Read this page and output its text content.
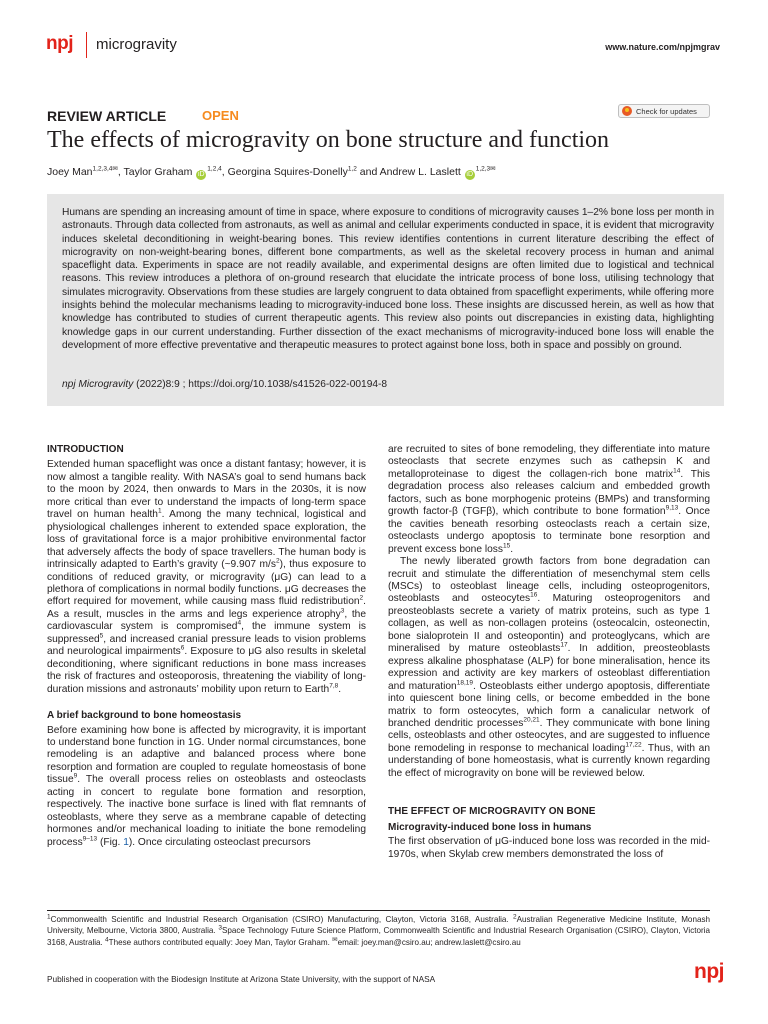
npj microgravity	www.nature.com/npjmgrav
REVIEW ARTICLE	OPEN	Check for updates
The effects of microgravity on bone structure and function
Joey Man$^{1,2,3,4✉}$, Taylor Graham iD$^{1,2,4}$, Georgina Squires-Donelly$^{1,2}$ and Andrew L. Laslett $iD^{1,2,3✉}$
Humans are spending an increasing amount of time in space, where exposure to conditions of microgravity causes 1–2% bone loss per month in astronauts. Through data collected from astronauts, as well as animal and cellular experiments conducted in space, it is evident that microgravity induces skeletal deconditioning in weight-bearing bones. This review identifies contentions in current literature describing the effect of microgravity on non-weight-bearing bones, different bone compartments, as well as the skeletal recovery process in human and animal spaceflight data. Experiments in space are not readily available, and experimental designs are often limited due to logistical and technical reasons. This review introduces a plethora of on-ground research that elucidate the intricate process of bone loss, utilising technology that simulates microgravity. Observations from these studies are largely congruent to data obtained from spaceflight experiments, while offering more insights behind the molecular mechanisms leading to microgravity-induced bone loss. These insights are discussed herein, as well as how that knowledge has contributed to studies of current therapeutic agents. This review also points out discrepancies in existing data, highlighting knowledge gaps in our current understanding. Further dissection of the exact mechanisms of microgravity-induced bone loss will enable the development of more effective preventative and therapeutic measures to protect against bone loss, both in space and possibly on ground.
npj Microgravity (2022)8:9 ; https://doi.org/10.1038/s41526-022-00194-8
INTRODUCTION

Extended human spaceflight was once a distant fantasy; however, it is now almost a tangible reality. With NASA’s goal to send humans back to the moon by 2024, then onwards to Mars in the 2030s, it is now more critical than ever to understand the impacts of long-term space travel on human health$^1$. Among the many technical, logistical and physiological challenges inherent to extended space exploration, the loss of gravitational force is a major prohibitive environmental factor that adversely affects the body of space travellers. The human body is intrinsically adapted to Earth’s gravity (~9.907 $m/s^2$), thus exposure to conditions of reduced gravity, or microgravity (μG) can lead to a plethora of complications in normal bodily functions. μG decreases the effort required for movement, while causing mass fluid redistribution$^2$. As a result, muscles in the arms and legs experience atrophy$^3$, the cardiovascular system is compromised$^4$, the immune system is suppressed$^5$, and increased cranial pressure leads to vision problems and neurological impairments$^6$. Exposure to μG also results in skeletal deconditioning, where significant reductions in bone mass increases the risk of fractures and osteoporosis, threatening the viability of long-duration missions and astronauts’ mobility upon return to Earth$^{7,8}$.

A brief background to bone homeostasis

Before examining how bone is affected by microgravity, it is important to understand bone function in 1G. Under normal circumstances, bone remodeling is an adaptive and balanced process where bone resorption and formation are coupled to regulate homeostasis of bone tissue$^9$. The overall process relies on osteoblasts and osteoclasts acting in concert to regulate bone formation and resorption, respectively. The inactive bone surface is lined with flat remnants of osteoblasts, where they serve as a membrane capable of detecting hormones and/or mechanical loading to initiate the bone remodeling process$^{9-13}$ (Fig. 1). Once circulating osteoclast precursors

are recruited to sites of bone remodeling, they differentiate into mature osteoclasts that secrete enzymes such as cathepsin K and metalloproteinase to digest the collagen-rich bone matrix$^{14}$. This degradation process also releases calcium and embedded growth factors, such as bone morphogenic proteins (BMPs) and transforming growth factor-β (TGFβ), which contribute to bone formation$^{9,13}$. Once the cavities beneath resorbing osteoclasts reach a certain size, osteoclasts undergo apoptosis to terminate bone resorption and prevent excess bone loss$^{15}$.

The newly liberated growth factors from bone degradation can recruit and stimulate the differentiation of mesenchymal stem cells (MSCs) to osteoblast lineage cells, including osteoprogenitors, osteoblasts and osteocytes$^{16}$. Maturing osteoprogenitors and preosteoblasts secrete a variety of matrix proteins, such as type 1 collagen, as well as non-collagen proteins (osteocalcin, osteonectin, bone sialoprotein II and osteopontin) and proteoglycans, which are mineralised by mature osteoblasts$^{17}$. In addition, preosteoblasts express alkaline phosphatase (ALP) for bone mineralisation, hence its expression and activity are key markers of osteoblast differentiation and maturation$^{18,19}$. Osteoblasts either undergo apoptosis, differentiate into quiescent bone lining cells, or become embedded in the bone matrix to form osteocytes, which form a canalicular network of branched dendritic processes$^{20,21}$. They communicate with bone lining cells, osteoblasts and other osteocytes, and are suggested to influence bone remodeling in response to mechanical loading$^{17,22}$. Thus, with an understanding of bone homeostasis, what is currently known regarding the effect of microgravity on bone will be reviewed below.

THE EFFECT OF MICROGRAVITY ON BONE
Microgravity-induced bone loss in humans

The first observation of μG-induced bone loss was recorded in the mid-1970s, when Skylab crew members demonstrated the loss of

$^1$Commonwealth Scientific and Industrial Research Organisation (CSIRO) Manufacturing, Clayton, Victoria 3168, Australia. $^2$Australian Regenerative Medicine Institute, Monash University, Melbourne, Victoria 3800, Australia. $^3$Space Technology Future Science Platform, Commonwealth Scientific and Industrial Research Organisation (CSIRO), Clayton, Victoria 3168, Australia. $^4$These authors contributed equally: Joey Man, Taylor Graham. ✉email: joey.man@csiro.au; andrew.laslett@csiro.au
Published in cooperation with the Biodesign Institute at Arizona State University, with the support of NASA	npj
